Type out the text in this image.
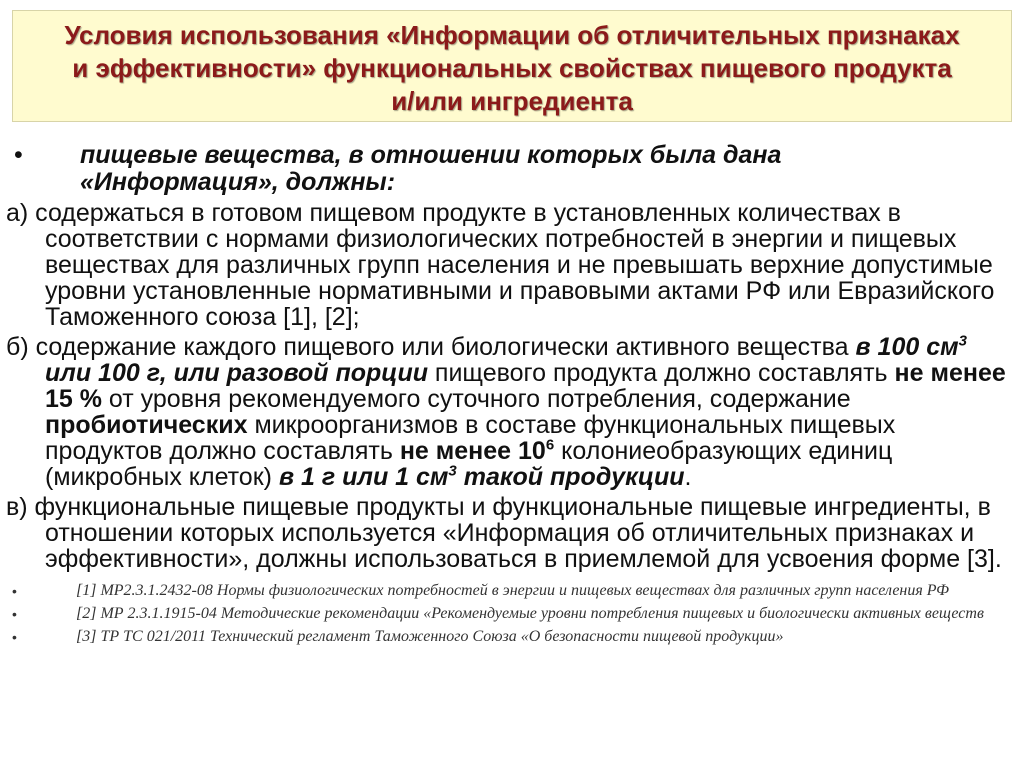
Условия использования «Информации об отличительных признаках
и эффективности» функциональных свойствах пищевого продукта
и/или ингредиента
• пищевые вещества, в отношении которых была дана
«Информация», должны:
а) содержаться в готовом пищевом продукте в установленных количествах в соответствии с нормами физиологических потребностей в энергии и пищевых веществах для различных групп населения и не превышать верхние допустимые уровни установленные нормативными и правовыми актами РФ или Евразийского Таможенного союза [1], [2];
б) содержание каждого пищевого или биологически активного вещества в 100 $см^3$ или 100 г, или разовой порции пищевого продукта должно составлять не менее 15 % от уровня рекомендуемого суточного потребления, содержание пробиотических микроорганизмов в составе функциональных пищевых продуктов должно составлять не менее $10^6$ колониеобразующих единиц (микробных клеток) в 1 г или 1 $см^3$ такой продукции.
в) функциональные пищевые продукты и функциональные пищевые ингредиенты, в отношении которых используется «Информация об отличительных признаках и эффективности», должны использоваться в приемлемой для усвоения форме [3].
•	[1] МР2.3.1.2432-08 Нормы физиологических потребностей в энергии и пищевых веществах для различных групп населения РФ
•	[2] МР 2.3.1.1915-04 Методические рекомендации «Рекомендуемые уровни потребления пищевых и биологически активных веществ
•	[3] ТР ТС 021/2011 Технический регламент Таможенного Союза «О безопасности пищевой продукции»
